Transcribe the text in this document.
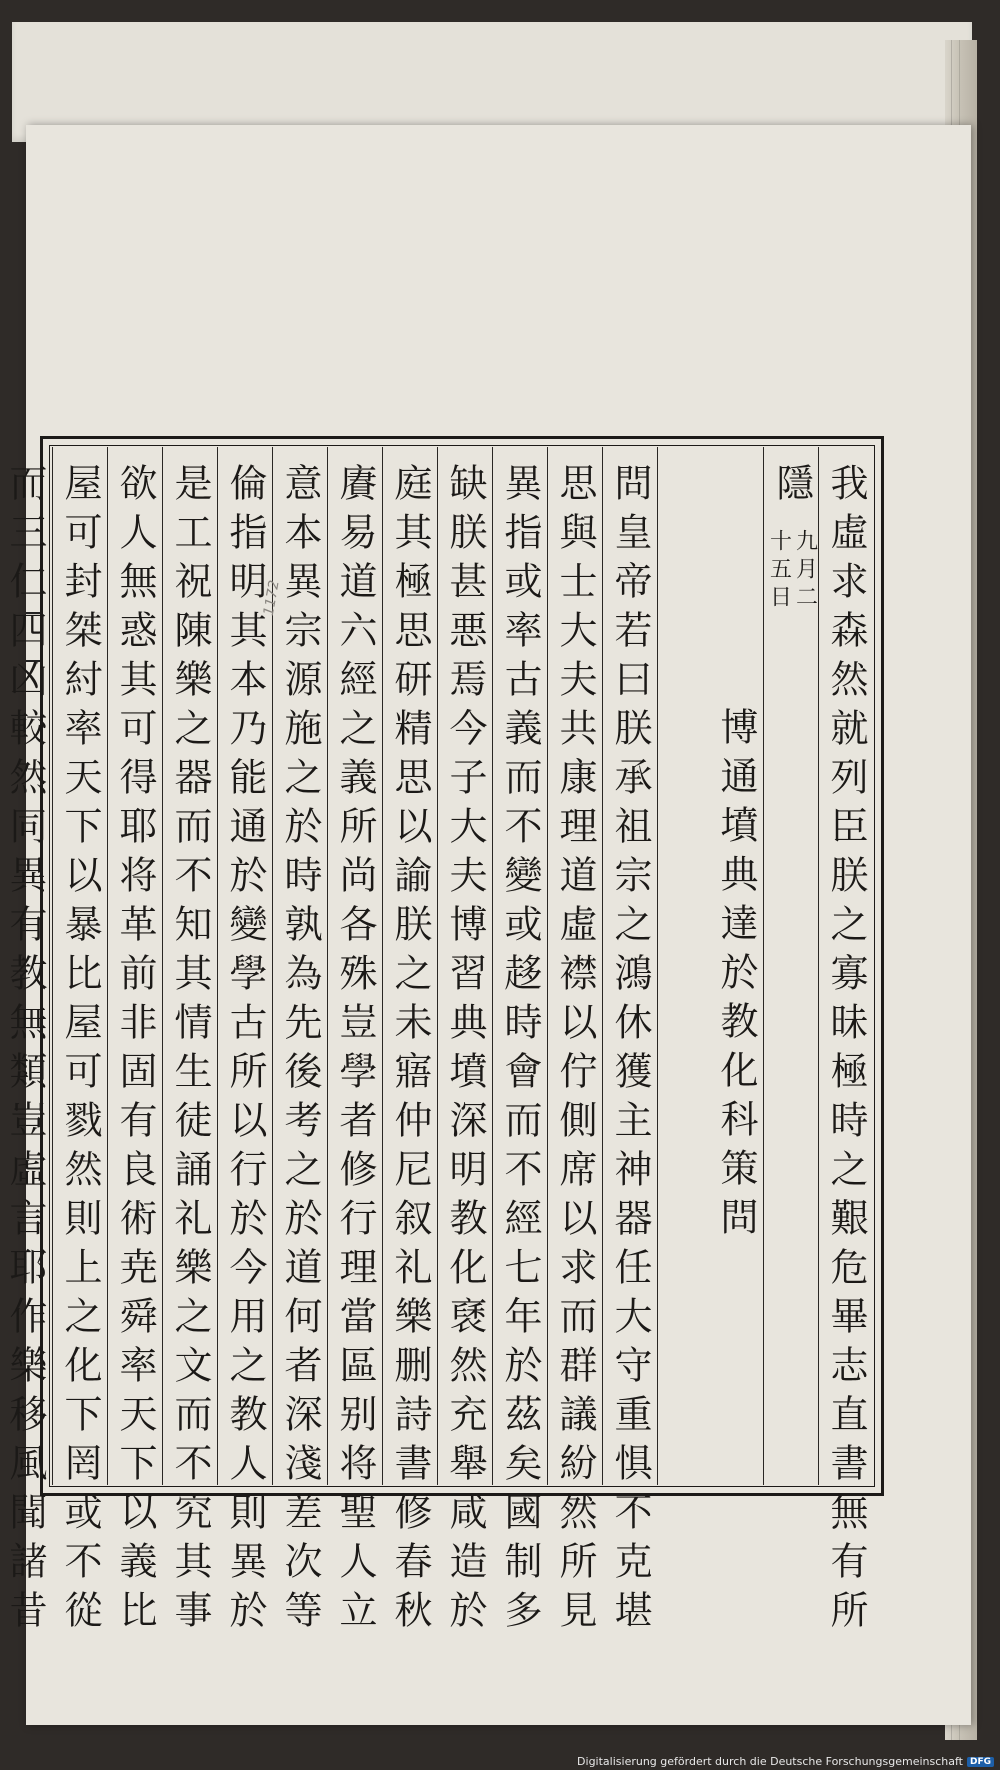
我虛求森然就列臣朕之寡昧極時之艱危畢志直書無有所
隱
九月二
十五日
博通墳典達於教化科策問
問皇帝若曰朕承祖宗之鴻休獲主神器任大守重惧不克堪
思與士大夫共康理道虛襟以佇側席以求而群議紛然所見
異指或率古義而不變或趍時會而不經七年於茲矣國制多
缺朕甚悪焉今子大夫博習典墳深明教化褎然充舉咸造於
庭其極思研精思以諭朕之未寤仲尼叙礼樂删詩書修春秋
賡易道六經之義所尚各殊豈學者修行理當區别将聖人立
意本異宗源施之於時孰為先後考之於道何者深淺差次等
倫指明其本乃能通於變學古所以行於今用之教人則異於
是工祝陳樂之器而不知其情生徒誦礼樂之文而不究其事
欲人無惑其可得耶将革前非固有良術尭舜率天下以義比
屋可封桀紂率天下以暴比屋可戮然則上之化下罔或不從
而三仁四凶較然同異有教無類豈虛言耶作樂移風聞諸昔	1172
Digitalisierung gefördert durch die Deutsche Forschungsgemeinschaft DFG
